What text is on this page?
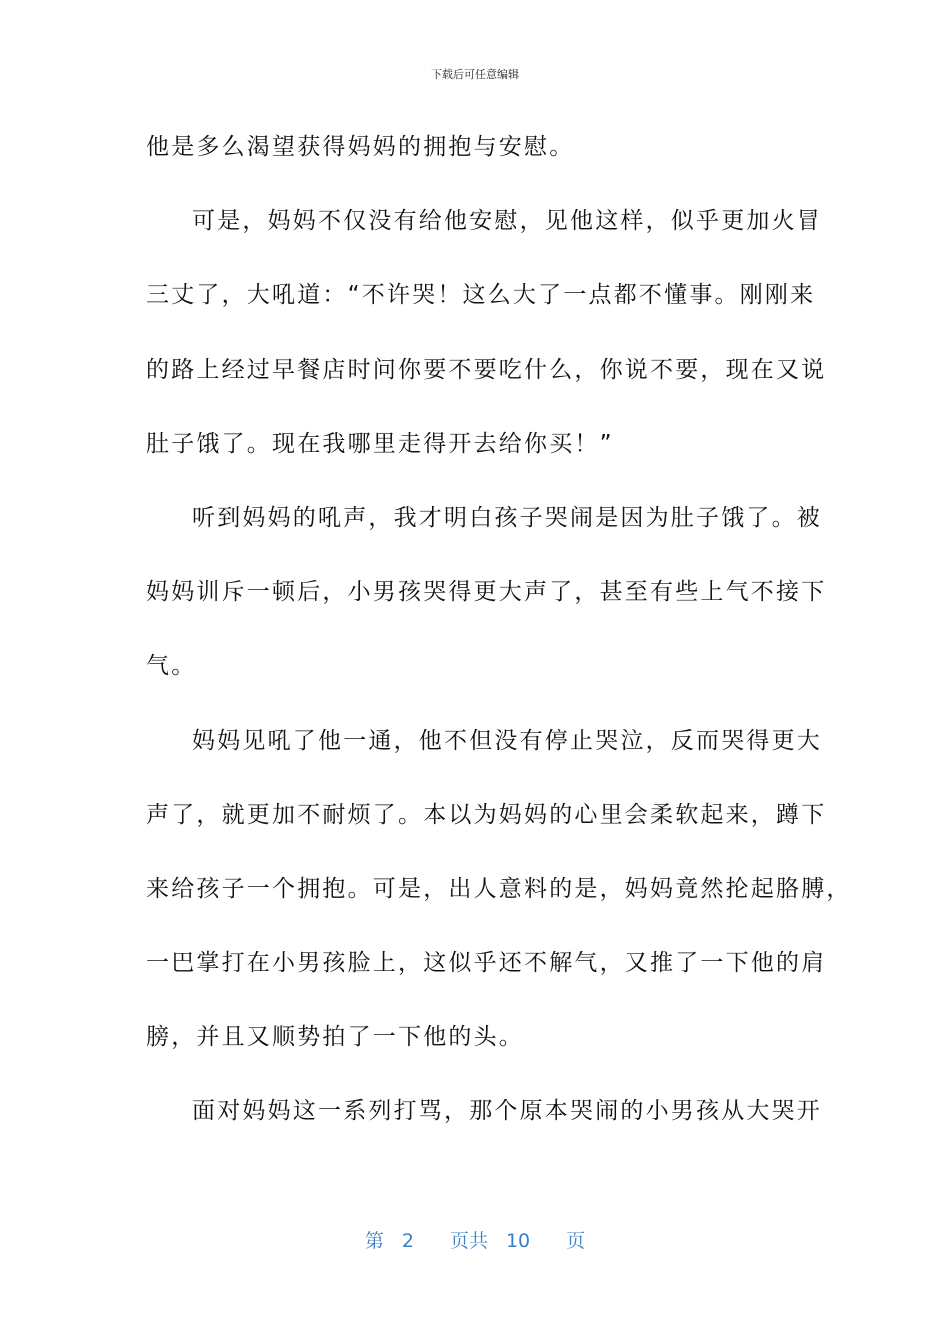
下载后可任意编辑
他是多么渴望获得妈妈的拥抱与安慰。
可是，妈妈不仅没有给他安慰，见他这样，似乎更加火冒
三丈了，大吼道：“不许哭！这么大了一点都不懂事。刚刚来
的路上经过早餐店时问你要不要吃什么，你说不要，现在又说
肚子饿了。现在我哪里走得开去给你买！”
听到妈妈的吼声，我才明白孩子哭闹是因为肚子饿了。被
妈妈训斥一顿后，小男孩哭得更大声了，甚至有些上气不接下
气。
妈妈见吼了他一通，他不但没有停止哭泣，反而哭得更大
声了，就更加不耐烦了。本以为妈妈的心里会柔软起来，蹲下
来给孩子一个拥抱。可是，出人意料的是，妈妈竟然抡起胳膊，
一巴掌打在小男孩脸上，这似乎还不解气，又推了一下他的肩
膀，并且又顺势拍了一下他的头。
面对妈妈这一系列打骂，那个原本哭闹的小男孩从大哭开
第 2 页共 10 页
